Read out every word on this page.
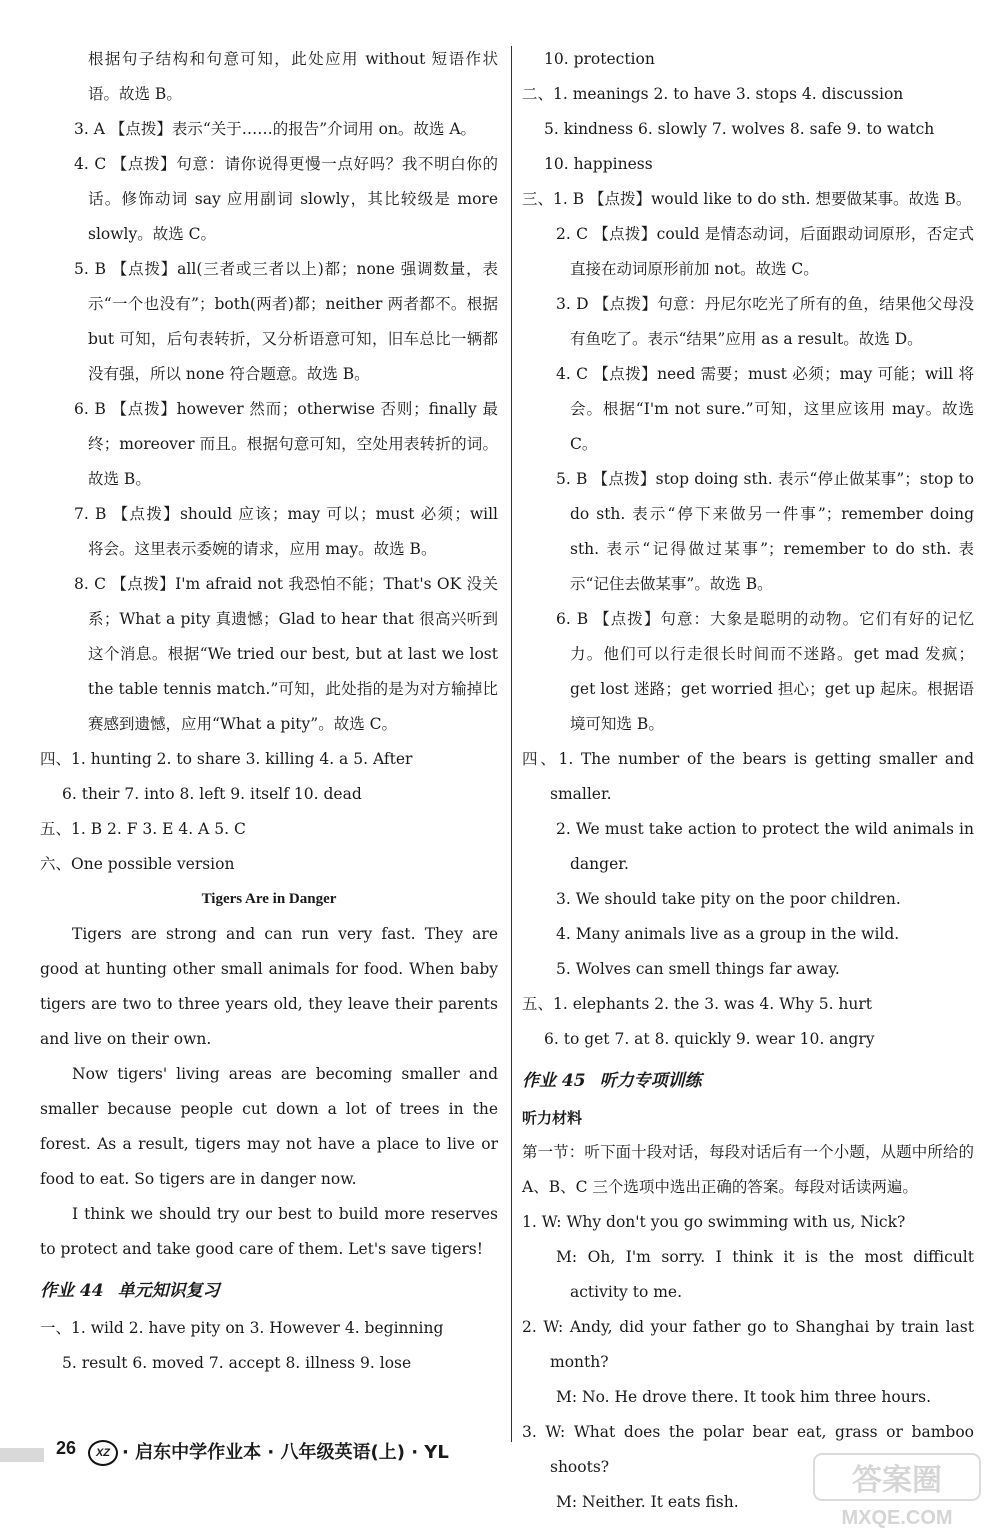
根据句子结构和句意可知，此处应用 without 短语作状语。故选 B。

3. A 【点拨】表示“关于……的报告”介词用 on。故选 A。

4. C 【点拨】句意：请你说得更慢一点好吗？我不明白你的话。修饰动词 say 应用副词 slowly，其比较级是 more slowly。故选 C。

5. B 【点拨】all(三者或三者以上)都；none 强调数量，表示“一个也没有”；both(两者)都；neither 两者都不。根据 but 可知，后句表转折，又分析语意可知，旧车总比一辆都没有强，所以 none 符合题意。故选 B。

6. B 【点拨】however 然而；otherwise 否则；finally 最终；moreover 而且。根据句意可知，空处用表转折的词。故选 B。

7. B 【点拨】should 应该；may 可以；must 必须；will 将会。这里表示委婉的请求，应用 may。故选 B。

8. C 【点拨】I'm afraid not 我恐怕不能；That's OK 没关系；What a pity 真遗憾；Glad to hear that 很高兴听到这个消息。根据“We tried our best, but at last we lost the table tennis match.”可知，此处指的是为对方输掉比赛感到遗憾，应用“What a pity”。故选 C。

四、1. hunting 2. to share 3. killing 4. a 5. After

6. their 7. into 8. left 9. itself 10. dead

五、1. B 2. F 3. E 4. A 5. C

六、One possible version

Tigers Are in Danger

Tigers are strong and can run very fast. They are good at hunting other small animals for food. When baby tigers are two to three years old, they leave their parents and live on their own.

Now tigers' living areas are becoming smaller and smaller because people cut down a lot of trees in the forest. As a result, tigers may not have a place to live or food to eat. So tigers are in danger now.

I think we should try our best to build more reserves to protect and take good care of them. Let's save tigers!

作业 44 单元知识复习

一、1. wild 2. have pity on 3. However 4. beginning

5. result 6. moved 7. accept 8. illness 9. lose

10. protection

二、1. meanings 2. to have 3. stops 4. discussion

5. kindness 6. slowly 7. wolves 8. safe 9. to watch

10. happiness

三、1. B 【点拨】would like to do sth. 想要做某事。故选 B。

2. C 【点拨】could 是情态动词，后面跟动词原形，否定式直接在动词原形前加 not。故选 C。

3. D 【点拨】句意：丹尼尔吃光了所有的鱼，结果他父母没有鱼吃了。表示“结果”应用 as a result。故选 D。

4. C 【点拨】need 需要；must 必须；may 可能；will 将会。根据“I'm not sure.”可知，这里应该用 may。故选 C。

5. B 【点拨】stop doing sth. 表示“停止做某事”；stop to do sth. 表示“停下来做另一件事”；remember doing sth. 表示“记得做过某事”；remember to do sth. 表示“记住去做某事”。故选 B。

6. B 【点拨】句意：大象是聪明的动物。它们有好的记忆力。他们可以行走很长时间而不迷路。get mad 发疯；get lost 迷路；get worried 担心；get up 起床。根据语境可知选 B。

四、1. The number of the bears is getting smaller and smaller.

2. We must take action to protect the wild animals in danger.

3. We should take pity on the poor children.

4. Many animals live as a group in the wild.

5. Wolves can smell things far away.

五、1. elephants 2. the 3. was 4. Why 5. hurt

6. to get 7. at 8. quickly 9. wear 10. angry

作业 45 听力专项训练

听力材料

第一节：听下面十段对话，每段对话后有一个小题，从题中所给的 A、B、C 三个选项中选出正确的答案。每段对话读两遍。

1. W: Why don't you go swimming with us, Nick?

M: Oh, I'm sorry. I think it is the most difficult activity to me.

2. W: Andy, did your father go to Shanghai by train last month?

M: No. He drove there. It took him three hours.

3. W: What does the polar bear eat, grass or bamboo shoots?

M: Neither. It eats fish.

26	XZ · 启东中学作业本 · 八年级英语(上) · YL
答案圈
MXQE.COM
